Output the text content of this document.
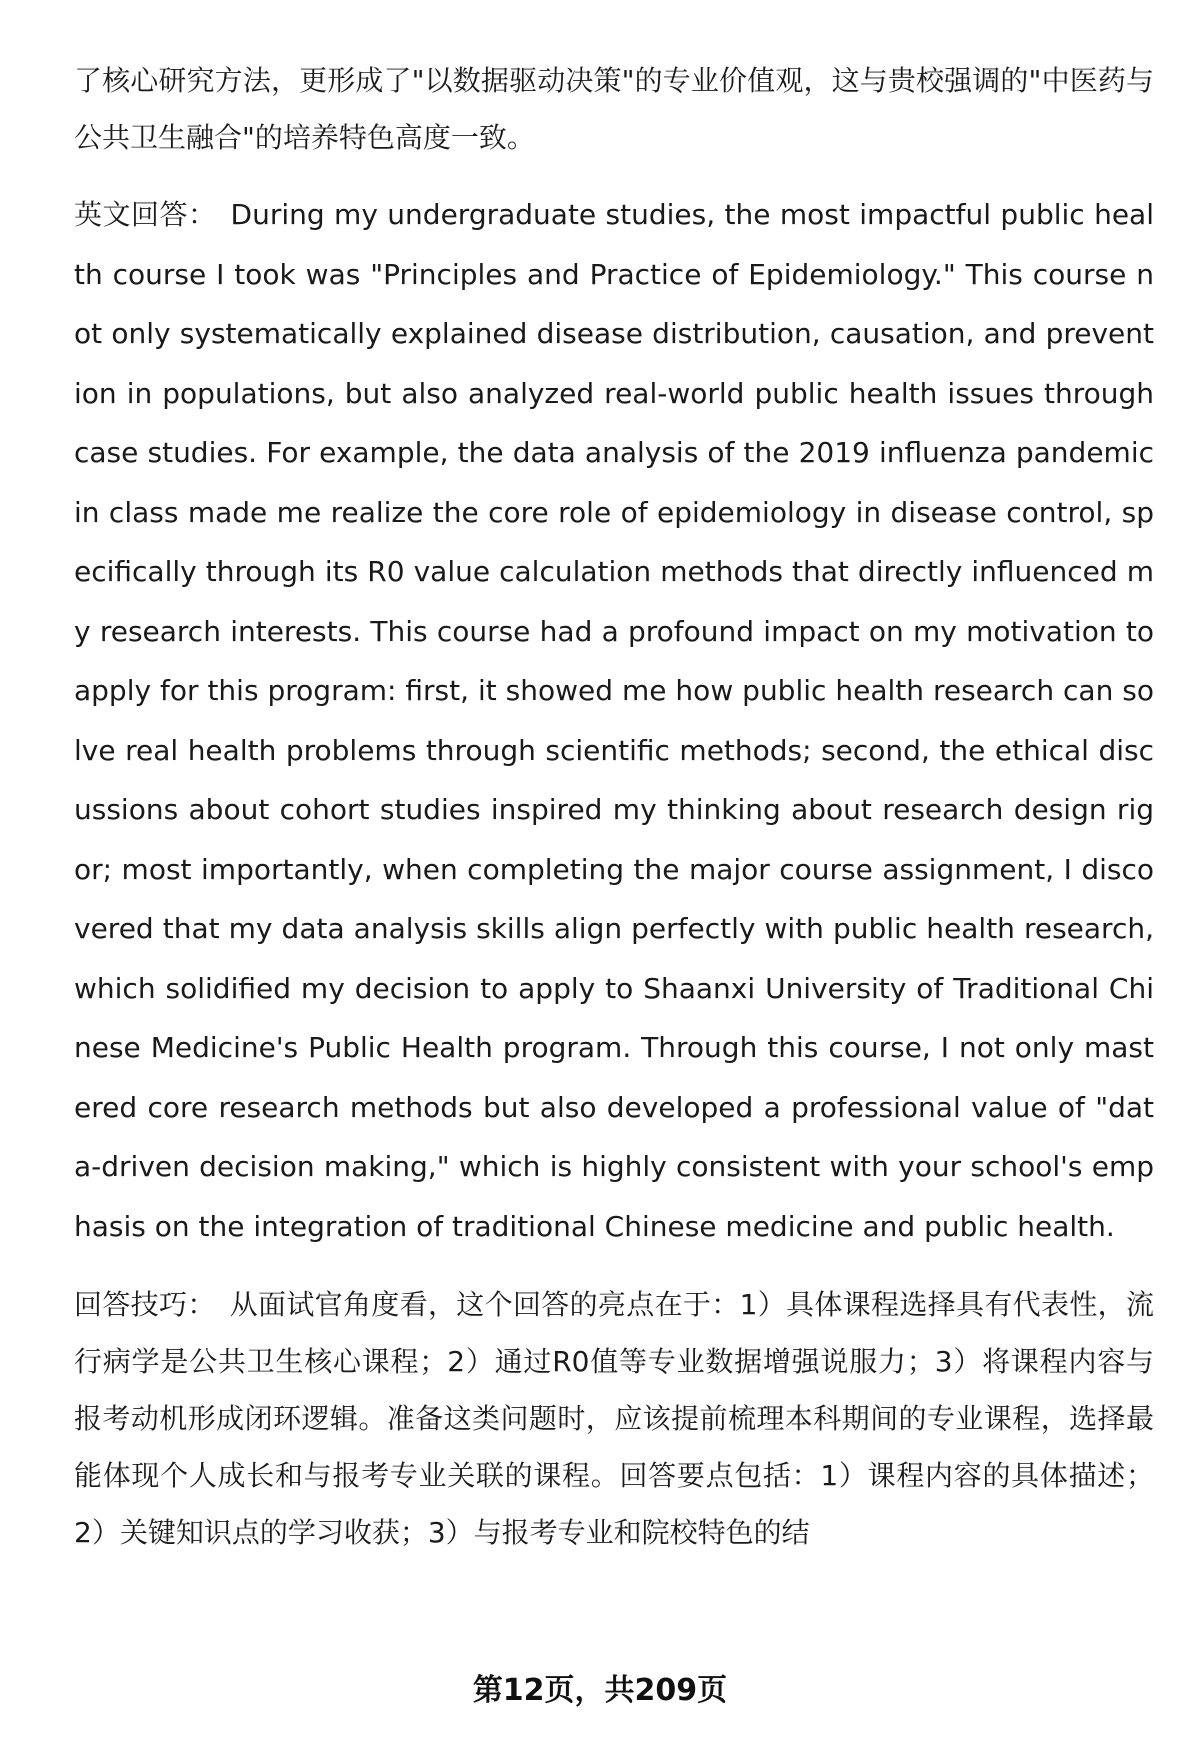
了核心研究方法，更形成了"以数据驱动决策"的专业价值观，这与贵校强调的"中医药与公共卫生融合"的培养特色高度一致。

英文回答： During my undergraduate studies, the most impactful public health course I took was "Principles and Practice of Epidemiology." This course not only systematically explained disease distribution, causation, and prevention in populations, but also analyzed real-world public health issues through case studies. For example, the data analysis of the 2019 influenza pandemic in class made me realize the core role of epidemiology in disease control, specifically through its R0 value calculation methods that directly influenced my research interests. This course had a profound impact on my motivation to apply for this program: first, it showed me how public health research can solve real health problems through scientific methods; second, the ethical discussions about cohort studies inspired my thinking about research design rigor; most importantly, when completing the major course assignment, I discovered that my data analysis skills align perfectly with public health research, which solidified my decision to apply to Shaanxi University of Traditional Chinese Medicine's Public Health program. Through this course, I not only mastered core research methods but also developed a professional value of "data-driven decision making," which is highly consistent with your school's emphasis on the integration of traditional Chinese medicine and public health.

回答技巧： 从面试官角度看，这个回答的亮点在于：1）具体课程选择具有代表性，流行病学是公共卫生核心课程；2）通过R0值等专业数据增强说服力；3）将课程内容与报考动机形成闭环逻辑。准备这类问题时，应该提前梳理本科期间的专业课程，选择最能体现个人成长和与报考专业关联的课程。回答要点包括：1）课程内容的具体描述；2）关键知识点的学习收获；3）与报考专业和院校特色的结

第12页，共209页
